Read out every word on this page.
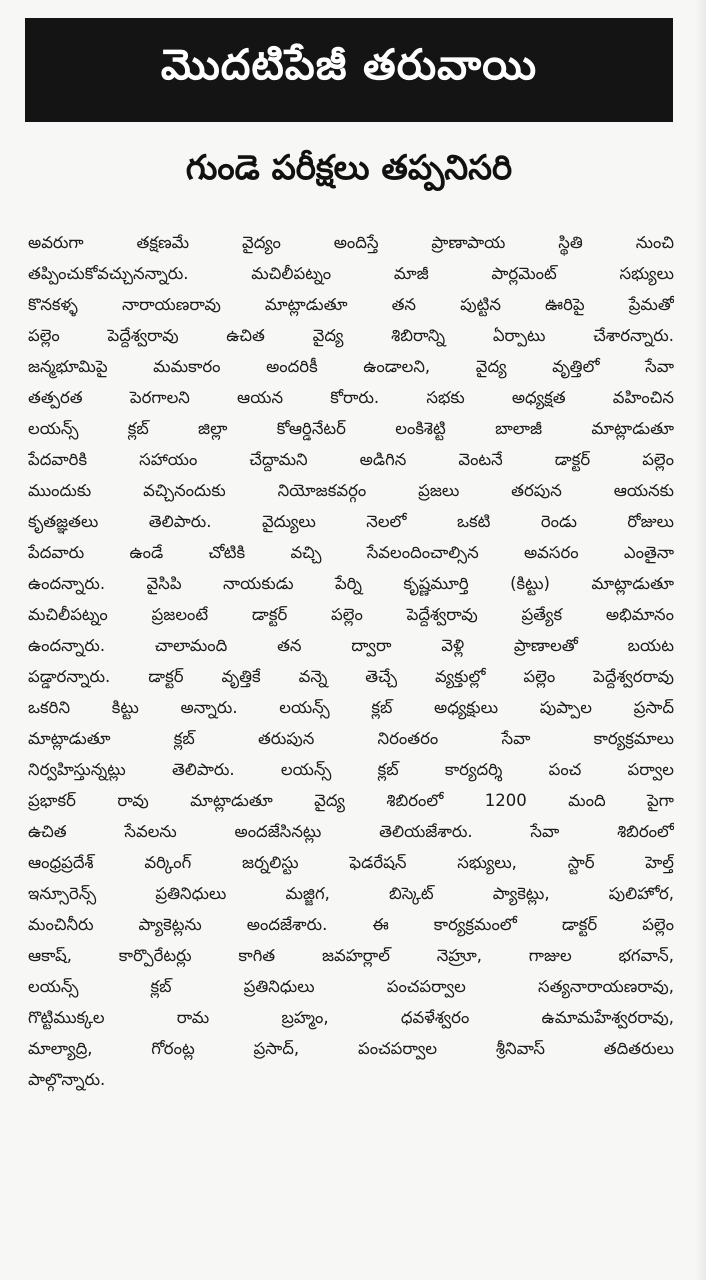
మొదటిపేజీ తరువాయి
గుండె పరీక్షలు తప్పనిసరి
అవరుగా తక్షణమే వైద్యం అందిస్తే ప్రాణాపాయ స్థితి నుంచి
తప్పించుకోవచ్చునన్నారు. మచిలీపట్నం మాజీ పార్లమెంట్ సభ్యులు
కొనకళ్ళ నారాయణరావు మాట్లాడుతూ తన పుట్టిన ఊరిపై ప్రేమతో
పల్లెం పెద్దేశ్వరావు ఉచిత వైద్య శిబిరాన్ని ఏర్పాటు చేశారన్నారు.
జన్మభూమిపై మమకారం అందరికీ ఉండాలని, వైద్య వృత్తిలో సేవా
తత్పరత పెరగాలని ఆయన కోరారు. సభకు అధ్యక్షత వహించిన
లయన్స్ క్లబ్ జిల్లా కోఆర్డినేటర్ లంకిశెట్టి బాలాజీ మాట్లాడుతూ
పేదవారికి సహాయం చేద్దామని అడిగిన వెంటనే డాక్టర్ పల్లెం
ముందుకు వచ్చినందుకు నియోజకవర్గం ప్రజలు తరపున ఆయనకు
కృతజ్ఞతలు తెలిపారు. వైద్యులు నెలలో ఒకటి రెండు రోజులు
పేదవారు ఉండే చోటికి వచ్చి సేవలందించాల్సిన అవసరం ఎంతైనా
ఉందన్నారు. వైసిపి నాయకుడు పేర్ని కృష్ణమూర్తి (కిట్టు) మాట్లాడుతూ
మచిలీపట్నం ప్రజలంటే డాక్టర్ పల్లెం పెద్దేశ్వరావు ప్రత్యేక అభిమానం
ఉందన్నారు. చాలామంది తన ద్వారా వెళ్లి ప్రాణాలతో బయట
పడ్డారన్నారు. డాక్టర్ వృత్తికే వన్నె తెచ్చే వ్యక్తుల్లో పల్లెం పెద్దేశ్వరరావు
ఒకరిని కిట్టు అన్నారు. లయన్స్ క్లబ్ అధ్యక్షులు పుప్పాల ప్రసాద్
మాట్లాడుతూ క్లబ్ తరుపున నిరంతరం సేవా కార్యక్రమాలు
నిర్వహిస్తున్నట్లు తెలిపారు. లయన్స్ క్లబ్ కార్యదర్శి పంచ పర్వాల
ప్రభాకర్ రావు మాట్లాడుతూ వైద్య శిబిరంలో 1200 మంది పైగా
ఉచిత సేవలను అందజేసినట్లు తెలియజేశారు. సేవా శిబిరంలో
ఆంధ్రప్రదేశ్ వర్కింగ్ జర్నలిస్టు ఫెడరేషన్ సభ్యులు, స్టార్ హెల్త్
ఇన్సూరెన్స్ ప్రతినిధులు మజ్జిగ, బిస్కెట్ ప్యాకెట్లు, పులిహోర,
మంచినీరు ప్యాకెట్లను అందజేశారు. ఈ కార్యక్రమంలో డాక్టర్ పల్లెం
ఆకాష్, కార్పొరేటర్లు కాగిత జవహర్లాల్ నెహ్రూ, గాజుల భగవాన్,
లయన్స్ క్లబ్ ప్రతినిధులు పంచపర్వాల సత్యనారాయణరావు,
గొట్టిముక్కల రామ బ్రహ్మం, ధవళేశ్వరం ఉమామహేశ్వరరావు,
మాల్యాద్రి, గోరంట్ల ప్రసాద్, పంచపర్వాల శ్రీనివాస్ తదితరులు
పాల్గొన్నారు.
